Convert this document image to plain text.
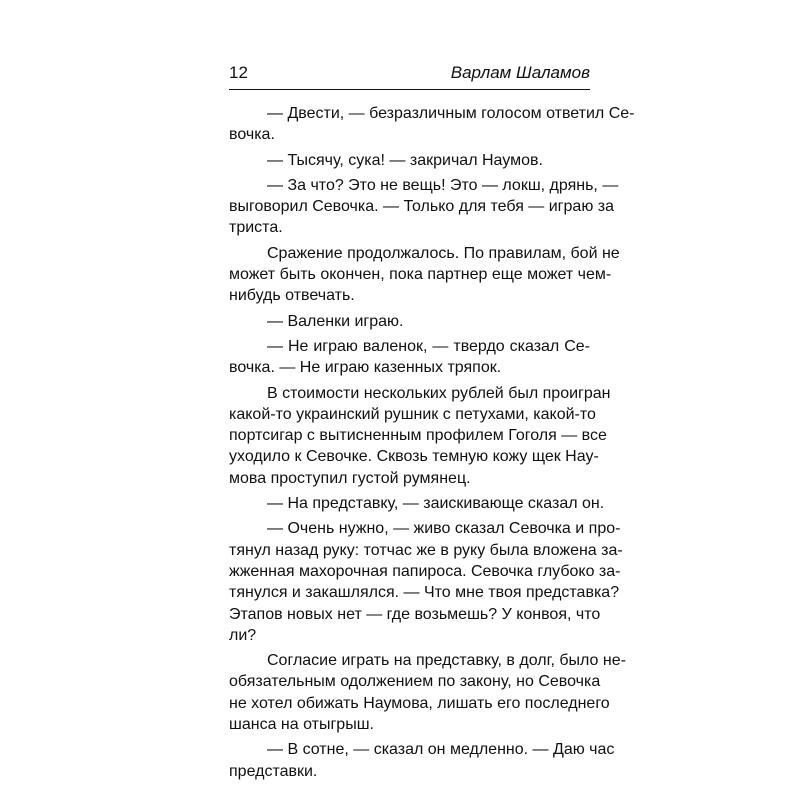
12	Варлам Шаламов
— Двести, — безразличным голосом ответил Се-
вочка.
— Тысячу, сука! — закричал Наумов.
— За что? Это не вещь! Это — локш, дрянь, —
выговорил Севочка. — Только для тебя — играю за
триста.
Сражение продолжалось. По правилам, бой не
может быть окончен, пока партнер еще может чем-
нибудь отвечать.
— Валенки играю.
— Не играю валенок, — твердо сказал Се-
вочка. — Не играю казенных тряпок.
В стоимости нескольких рублей был проигран
какой-то украинский рушник с петухами, какой-то
портсигар с вытисненным профилем Гоголя — все
уходило к Севочке. Сквозь темную кожу щек Нау-
мова проступил густой румянец.
— На представку, — заискивающе сказал он.
— Очень нужно, — живо сказал Севочка и про-
тянул назад руку: тотчас же в руку была вложена за-
жженная махорочная папироса. Севочка глубоко за-
тянулся и закашлялся. — Что мне твоя представка?
Этапов новых нет — где возьмешь? У конвоя, что
ли?
Согласие играть на представку, в долг, было не-
обязательным одолжением по закону, но Севочка
не хотел обижать Наумова, лишать его последнего
шанса на отыгрыш.
— В сотне, — сказал он медленно. — Даю час
представки.
